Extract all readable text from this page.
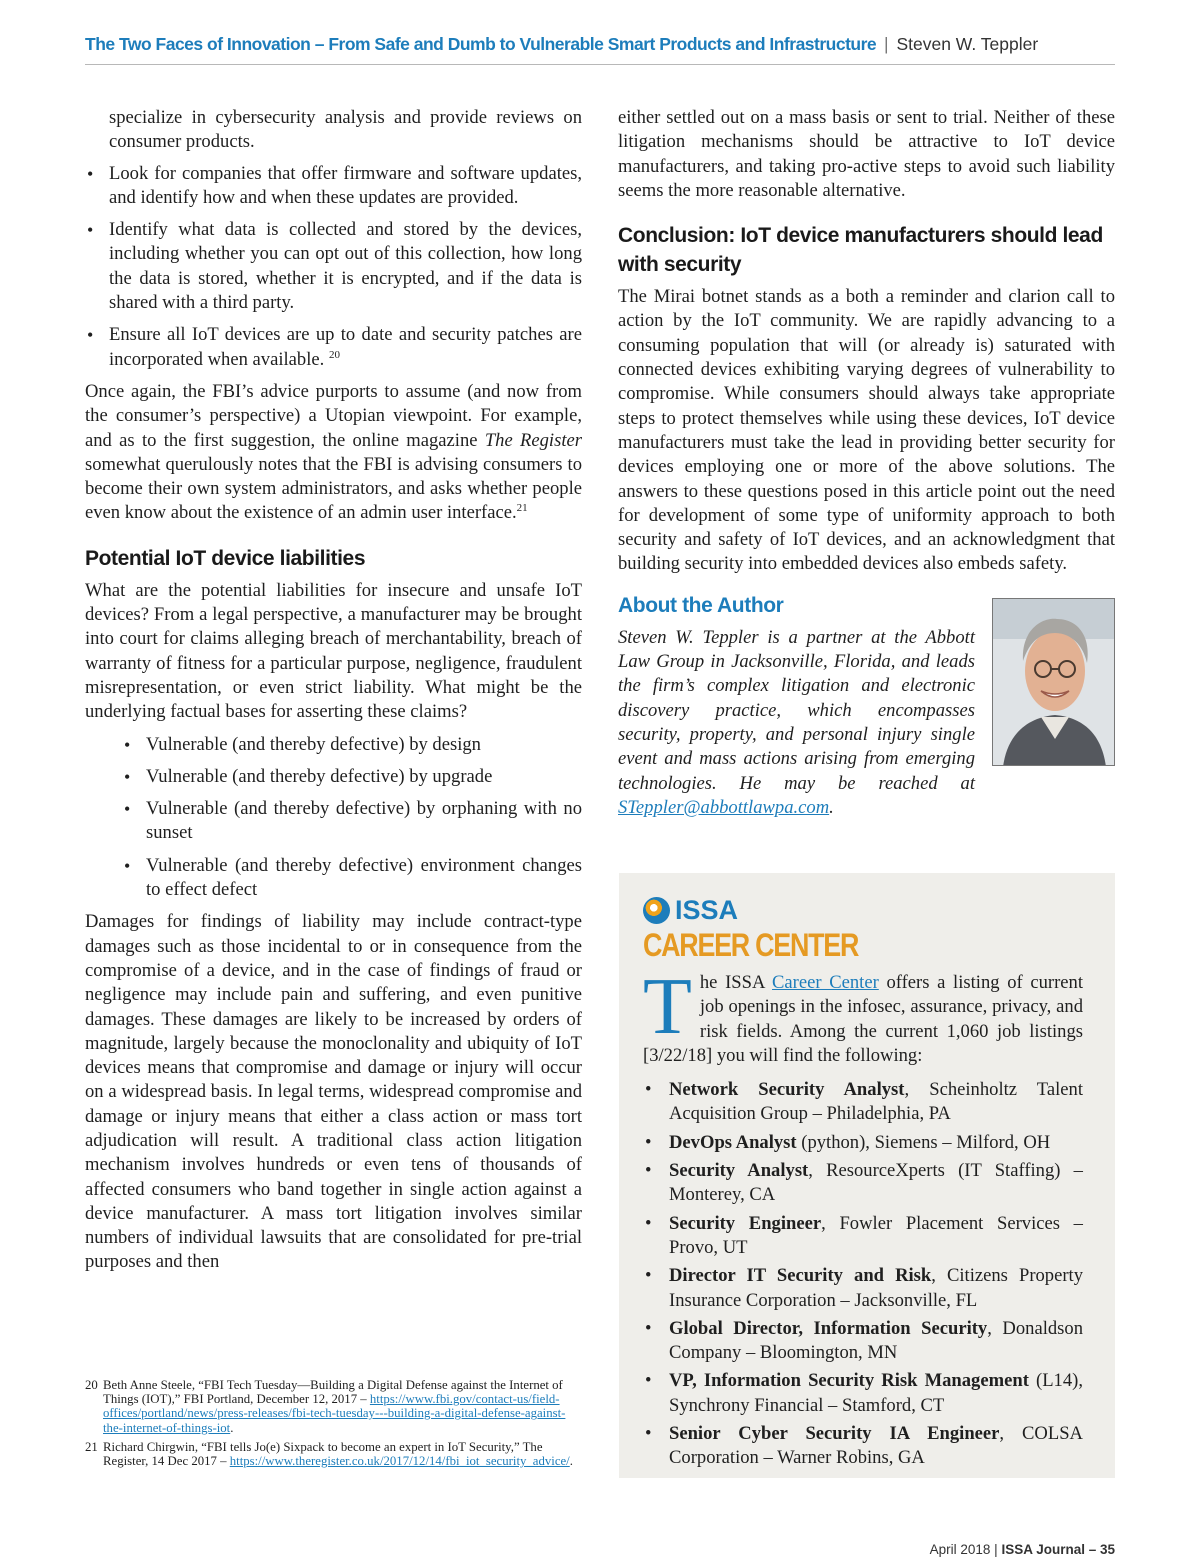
The Two Faces of Innovation – From Safe and Dumb to Vulnerable Smart Products and Infrastructure | Steven W. Teppler

specialize in cybersecurity analysis and provide reviews on consumer products.

• Look for companies that offer firmware and software updates, and identify how and when these updates are provided.
• Identify what data is collected and stored by the devices, including whether you can opt out of this collection, how long the data is stored, whether it is encrypted, and if the data is shared with a third party.
• Ensure all IoT devices are up to date and security patches are incorporated when available. $^{20}$

Once again, the FBI’s advice purports to assume (and now from the consumer’s perspective) a Utopian viewpoint. For example, and as to the first suggestion, the online magazine The Register somewhat querulously notes that the FBI is advising consumers to become their own system administrators, and asks whether people even know about the existence of an admin user interface.$^{21}$

Potential IoT device liabilities

What are the potential liabilities for insecure and unsafe IoT devices? From a legal perspective, a manufacturer may be brought into court for claims alleging breach of merchantability, breach of warranty of fitness for a particular purpose, negligence, fraudulent misrepresentation, or even strict liability. What might be the underlying factual bases for asserting these claims?

• Vulnerable (and thereby defective) by design
• Vulnerable (and thereby defective) by upgrade
• Vulnerable (and thereby defective) by orphaning with no sunset
• Vulnerable (and thereby defective) environment changes to effect defect

Damages for findings of liability may include contract-type damages such as those incidental to or in consequence from the compromise of a device, and in the case of findings of fraud or negligence may include pain and suffering, and even punitive damages. These damages are likely to be increased by orders of magnitude, largely because the monoclonality and ubiquity of IoT devices means that compromise and damage or injury will occur on a widespread basis. In legal terms, widespread compromise and damage or injury means that either a class action or mass tort adjudication will result. A traditional class action litigation mechanism involves hundreds or even tens of thousands of affected consumers who band together in single action against a device manufacturer. A mass tort litigation involves similar numbers of individual lawsuits that are consolidated for pre-trial purposes and then

20 Beth Anne Steele, “FBI Tech Tuesday—Building a Digital Defense against the Internet of Things (IOT),” FBI Portland, December 12, 2017 – https://www.fbi.gov/contact-us/field-offices/portland/news/press-releases/fbi-tech-tuesday---building-a-digital-defense-against-the-internet-of-things-iot.
21 Richard Chirgwin, “FBI tells Jo(e) Sixpack to become an expert in IoT Security,” The Register, 14 Dec 2017 – https://www.theregister.co.uk/2017/12/14/fbi_iot_security_advice/.

either settled out on a mass basis or sent to trial. Neither of these litigation mechanisms should be attractive to IoT device manufacturers, and taking pro-active steps to avoid such liability seems the more reasonable alternative.

Conclusion: IoT device manufacturers should lead with security

The Mirai botnet stands as a both a reminder and clarion call to action by the IoT community. We are rapidly advancing to a consuming population that will (or already is) saturated with connected devices exhibiting varying degrees of vulnerability to compromise. While consumers should always take appropriate steps to protect themselves while using these devices, IoT device manufacturers must take the lead in providing better security for devices employing one or more of the above solutions. The answers to these questions posed in this article point out the need for development of some type of uniformity approach to both security and safety of IoT devices, and an acknowledgment that building security into embedded devices also embeds safety.

About the Author

Steven W. Teppler is a partner at the Abbott Law Group in Jacksonville, Florida, and leads the firm’s complex litigation and electronic discovery practice, which encompasses security, property, and personal injury single event and mass actions arising from emerging technologies. He may be reached at STeppler@abbottlawpa.com.

ISSA
CAREER CENTER

The ISSA Career Center offers a listing of current job openings in the infosec, assurance, privacy, and risk fields. Among the current 1,060 job listings [3/22/18] you will find the following:

• Network Security Analyst, Scheinholtz Talent Acquisition Group – Philadelphia, PA
• DevOps Analyst (python), Siemens – Milford, OH
• Security Analyst, ResourceXperts (IT Staffing) – Monterey, CA
• Security Engineer, Fowler Placement Services – Provo, UT
• Director IT Security and Risk, Citizens Property Insurance Corporation – Jacksonville, FL
• Global Director, Information Security, Donaldson Company – Bloomington, MN
• VP, Information Security Risk Management (L14), Synchrony Financial – Stamford, CT
• Senior Cyber Security IA Engineer, COLSA Corporation – Warner Robins, GA
April 2018 | ISSA Journal – 35
